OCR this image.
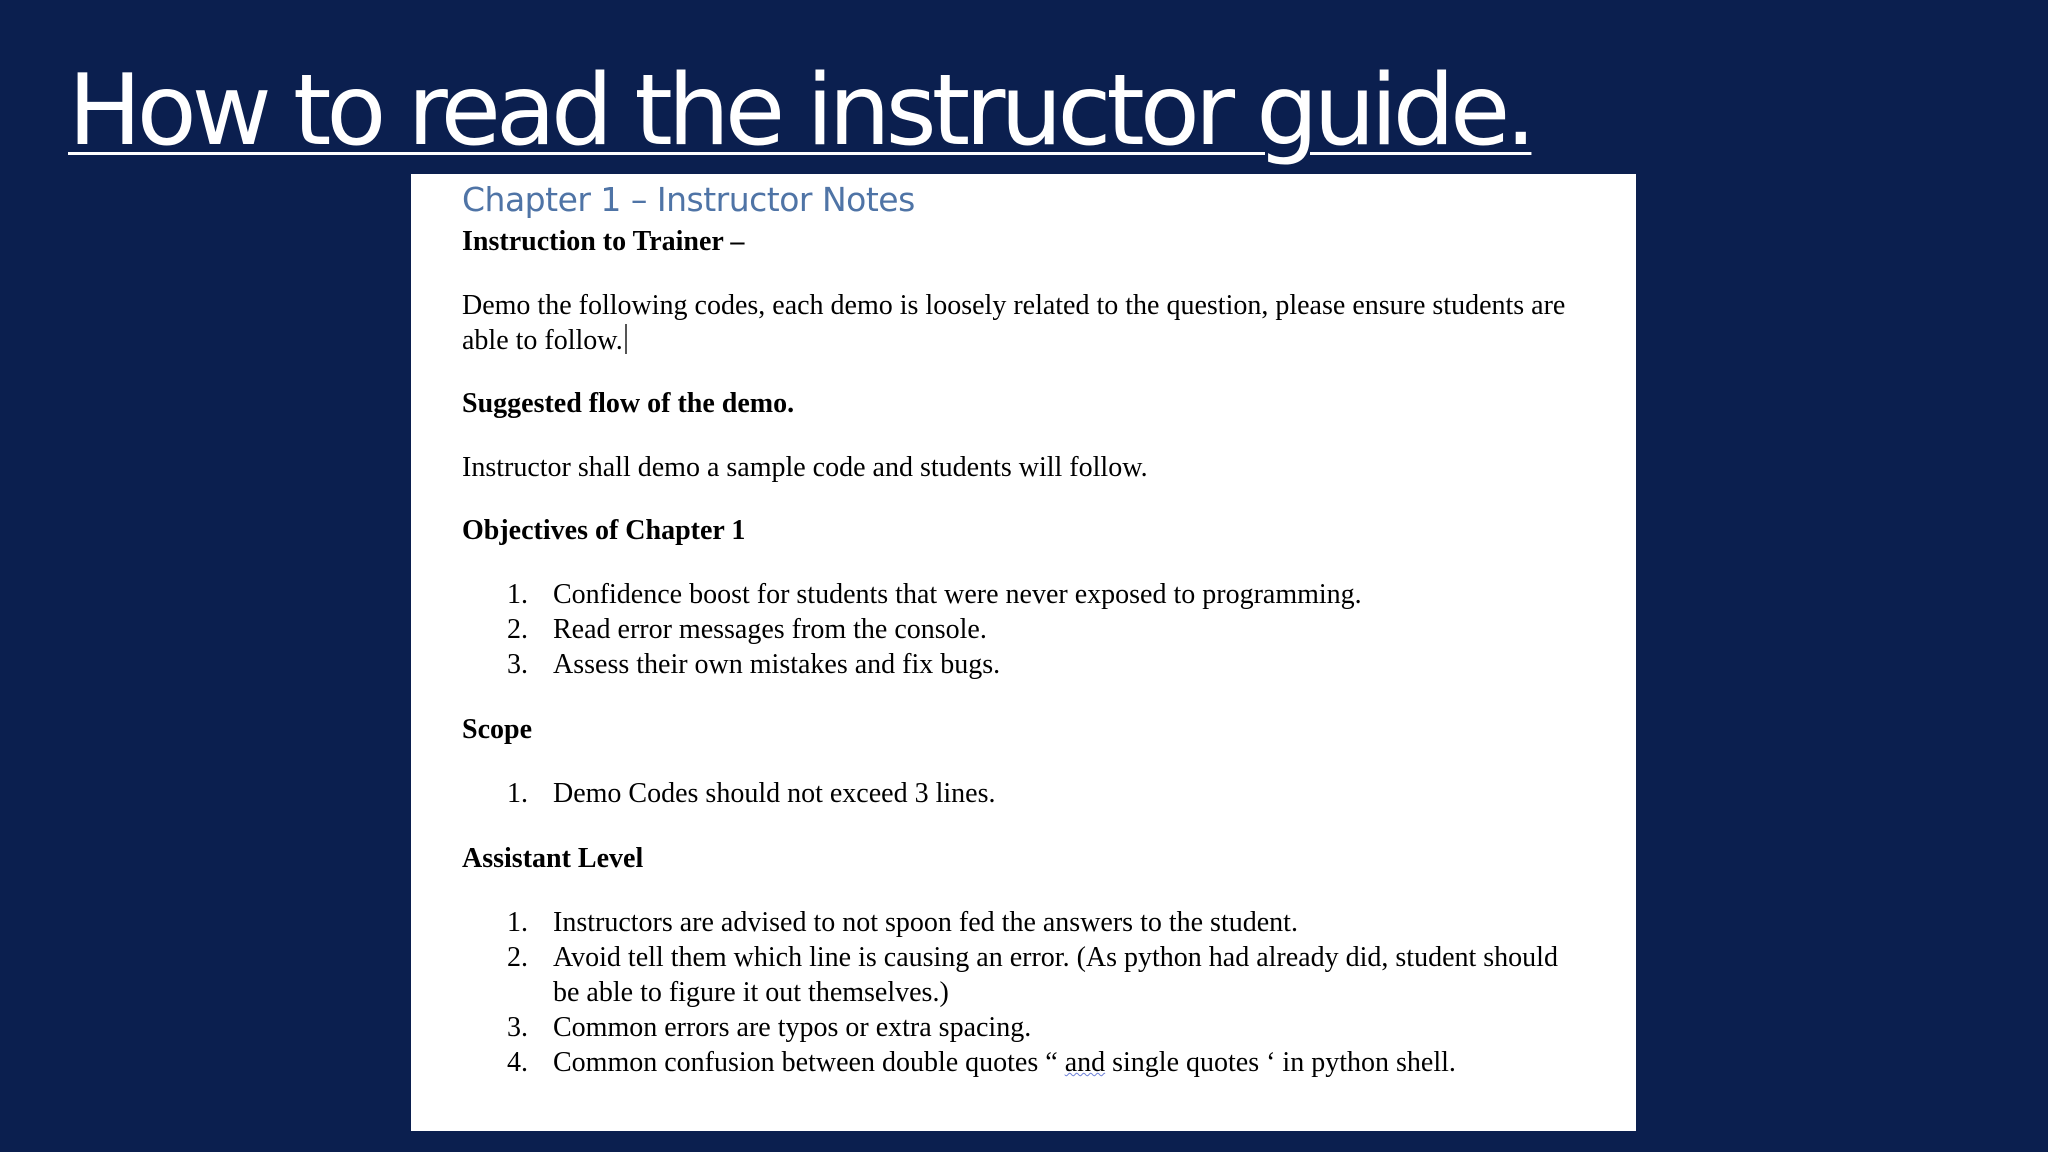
How to read the instructor guide.
Chapter 1 – Instructor Notes

Instruction to Trainer –

Demo the following codes, each demo is loosely related to the question, please ensure students are able to follow.

Suggested flow of the demo.

Instructor shall demo a sample code and students will follow.

Objectives of Chapter 1

1. Confidence boost for students that were never exposed to programming.
2. Read error messages from the console.
3. Assess their own mistakes and fix bugs.

Scope

1. Demo Codes should not exceed 3 lines.

Assistant Level

1. Instructors are advised to not spoon fed the answers to the student.
2. Avoid tell them which line is causing an error. (As python had already did, student should be able to figure it out themselves.)
3. Common errors are typos or extra spacing.
4. Common confusion between double quotes “ and single quotes ‘ in python shell.
